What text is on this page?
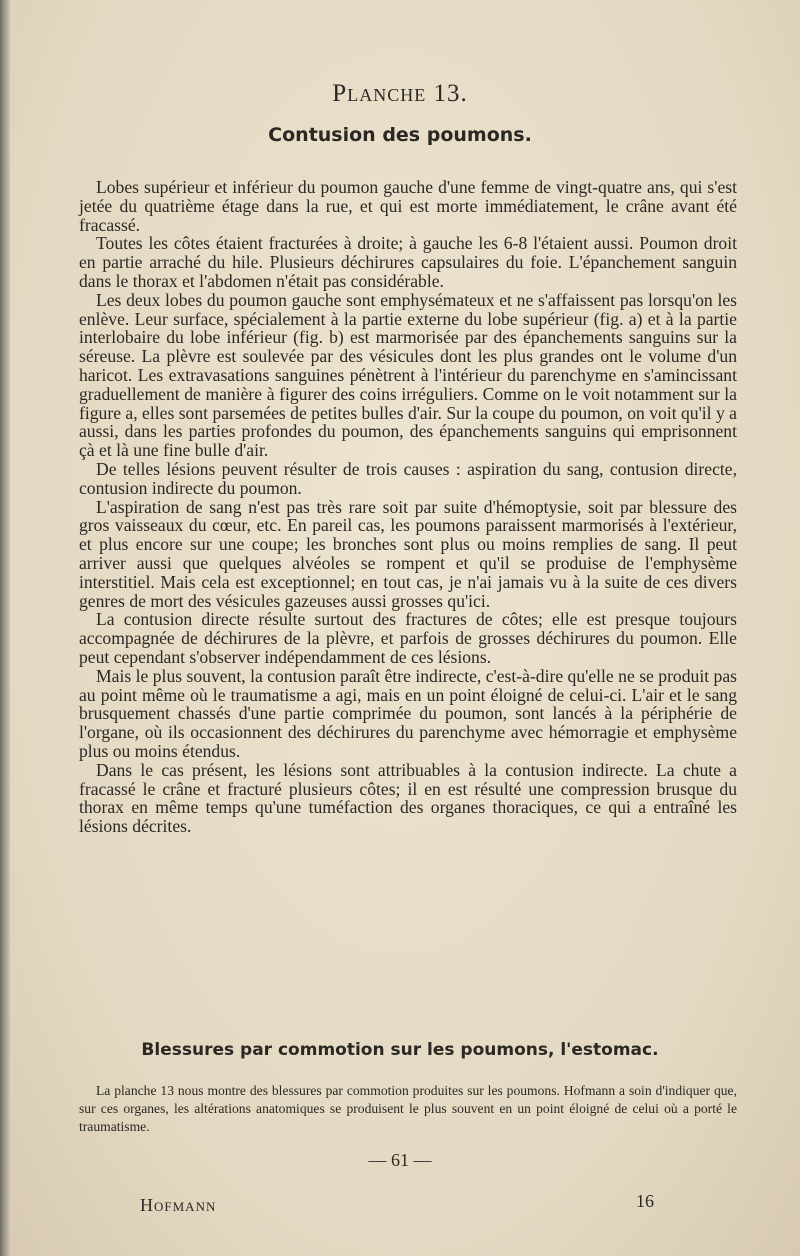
Planche 13.
Contusion des poumons.

Lobes supérieur et inférieur du poumon gauche d'une femme de vingt-quatre ans, qui s'est jetée du quatrième étage dans la rue, et qui est morte immédiatement, le crâne avant été fracassé.

Toutes les côtes étaient fracturées à droite; à gauche les 6-8 l'étaient aussi. Poumon droit en partie arraché du hile. Plusieurs déchirures capsulaires du foie. L'épanchement sanguin dans le thorax et l'abdomen n'était pas considérable.

Les deux lobes du poumon gauche sont emphysémateux et ne s'affaissent pas lorsqu'on les enlève. Leur surface, spécialement à la partie externe du lobe supérieur (fig. a) et à la partie interlobaire du lobe inférieur (fig. b) est marmorisée par des épanchements sanguins sur la séreuse. La plèvre est soulevée par des vésicules dont les plus grandes ont le volume d'un haricot. Les extravasations sanguines pénètrent à l'intérieur du parenchyme en s'amincissant graduellement de manière à figurer des coins irréguliers. Comme on le voit notamment sur la figure a, elles sont parsemées de petites bulles d'air. Sur la coupe du poumon, on voit qu'il y a aussi, dans les parties profondes du poumon, des épanchements sanguins qui emprisonnent çà et là une fine bulle d'air.

De telles lésions peuvent résulter de trois causes : aspiration du sang, contusion directe, contusion indirecte du poumon.

L'aspiration de sang n'est pas très rare soit par suite d'hémoptysie, soit par blessure des gros vaisseaux du cœur, etc. En pareil cas, les poumons paraissent marmorisés à l'extérieur, et plus encore sur une coupe; les bronches sont plus ou moins remplies de sang. Il peut arriver aussi que quelques alvéoles se rompent et qu'il se produise de l'emphysème interstitiel. Mais cela est exceptionnel; en tout cas, je n'ai jamais vu à la suite de ces divers genres de mort des vésicules gazeuses aussi grosses qu'ici.

La contusion directe résulte surtout des fractures de côtes; elle est presque toujours accompagnée de déchirures de la plèvre, et parfois de grosses déchirures du poumon. Elle peut cependant s'observer indépendamment de ces lésions.

Mais le plus souvent, la contusion paraît être indirecte, c'est-à-dire qu'elle ne se produit pas au point même où le traumatisme a agi, mais en un point éloigné de celui-ci. L'air et le sang brusquement chassés d'une partie comprimée du poumon, sont lancés à la périphérie de l'organe, où ils occasionnent des déchirures du parenchyme avec hémorragie et emphysème plus ou moins étendus.

Dans le cas présent, les lésions sont attribuables à la contusion indirecte. La chute a fracassé le crâne et fracturé plusieurs côtes; il en est résulté une compression brusque du thorax en même temps qu'une tuméfaction des organes thoraciques, ce qui a entraîné les lésions décrites.

Blessures par commotion sur les poumons, l'estomac.

La planche 13 nous montre des blessures par commotion produites sur les poumons. Hofmann a soin d'indiquer que, sur ces organes, les altérations anatomiques se produisent le plus souvent en un point éloigné de celui où a porté le traumatisme.

— 61 —
Hofmann	16
